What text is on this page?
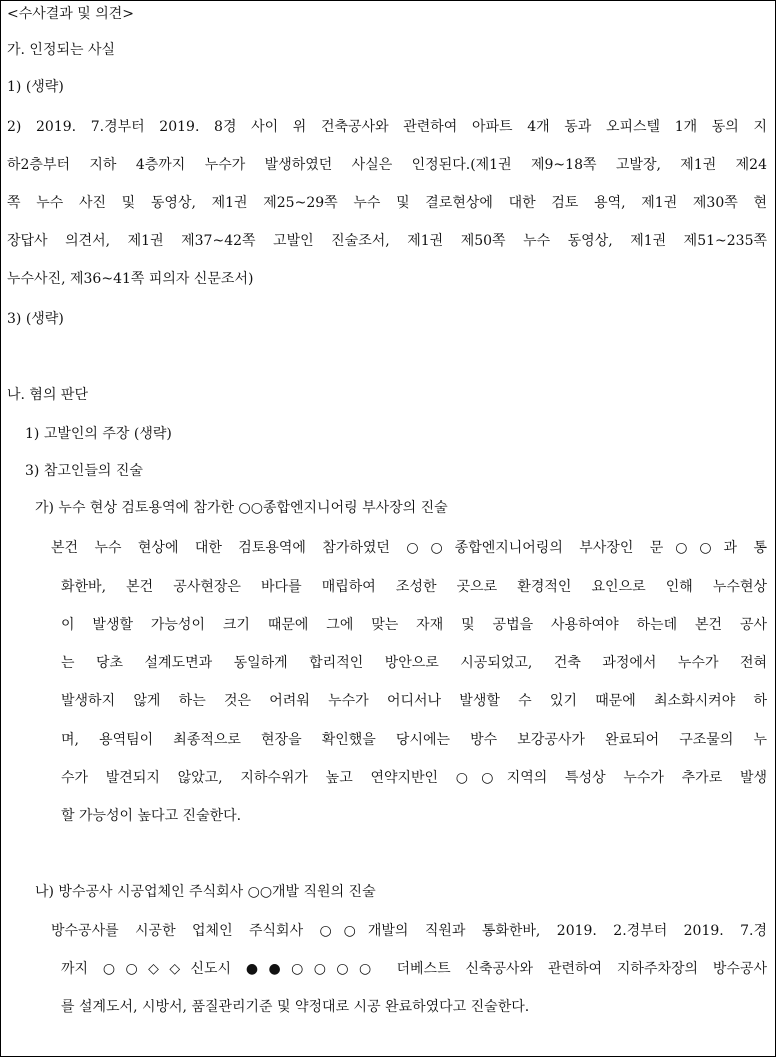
<수사결과 및 의견>
가. 인정되는 사실
1) (생략)
2) 2019. 7.경부터 2019. 8경 사이 위 건축공사와 관련하여 아파트 4개 동과 오피스텔 1개 동의 지
하2층부터 지하 4층까지 누수가 발생하였던 사실은 인정된다.(제1권 제9~18쪽 고발장, 제1권 제24
쪽 누수 사진 및 동영상, 제1권 제25~29쪽 누수 및 결로현상에 대한 검토 용역, 제1권 제30쪽 현
장답사 의견서, 제1권 제37~42쪽 고발인 진술조서, 제1권 제50쪽 누수 동영상, 제1권 제51~235쪽
누수사진, 제36~41쪽 피의자 신문조서)
3) (생략)
나. 혐의 판단
1) 고발인의 주장 (생략)
3) 참고인들의 진술
가) 누수 현상 검토용역에 참가한 ○○종합엔지니어링 부사장의 진술
본건 누수 현상에 대한 검토용역에 참가하였던 ○○종합엔지니어링의 부사장인 문○○과 통
화한바, 본건 공사현장은 바다를 매립하여 조성한 곳으로 환경적인 요인으로 인해 누수현상
이 발생할 가능성이 크기 때문에 그에 맞는 자재 및 공법을 사용하여야 하는데 본건 공사
는 당초 설계도면과 동일하게 합리적인 방안으로 시공되었고, 건축 과정에서 누수가 전혀
발생하지 않게 하는 것은 어려워 누수가 어디서나 발생할 수 있기 때문에 최소화시켜야 하
며, 용역팀이 최종적으로 현장을 확인했을 당시에는 방수 보강공사가 완료되어 구조물의 누
수가 발견되지 않았고, 지하수위가 높고 연약지반인 ○○지역의 특성상 누수가 추가로 발생
할 가능성이 높다고 진술한다.
나) 방수공사 시공업체인 주식회사 ○○개발 직원의 진술
방수공사를 시공한 업체인 주식회사 ○○개발의 직원과 통화한바, 2019. 2.경부터 2019. 7.경
까지 ○○◇◇신도시 ●●○○○○ 더베스트 신축공사와 관련하여 지하주차장의 방수공사
를 설계도서, 시방서, 품질관리기준 및 약정대로 시공 완료하였다고 진술한다.
